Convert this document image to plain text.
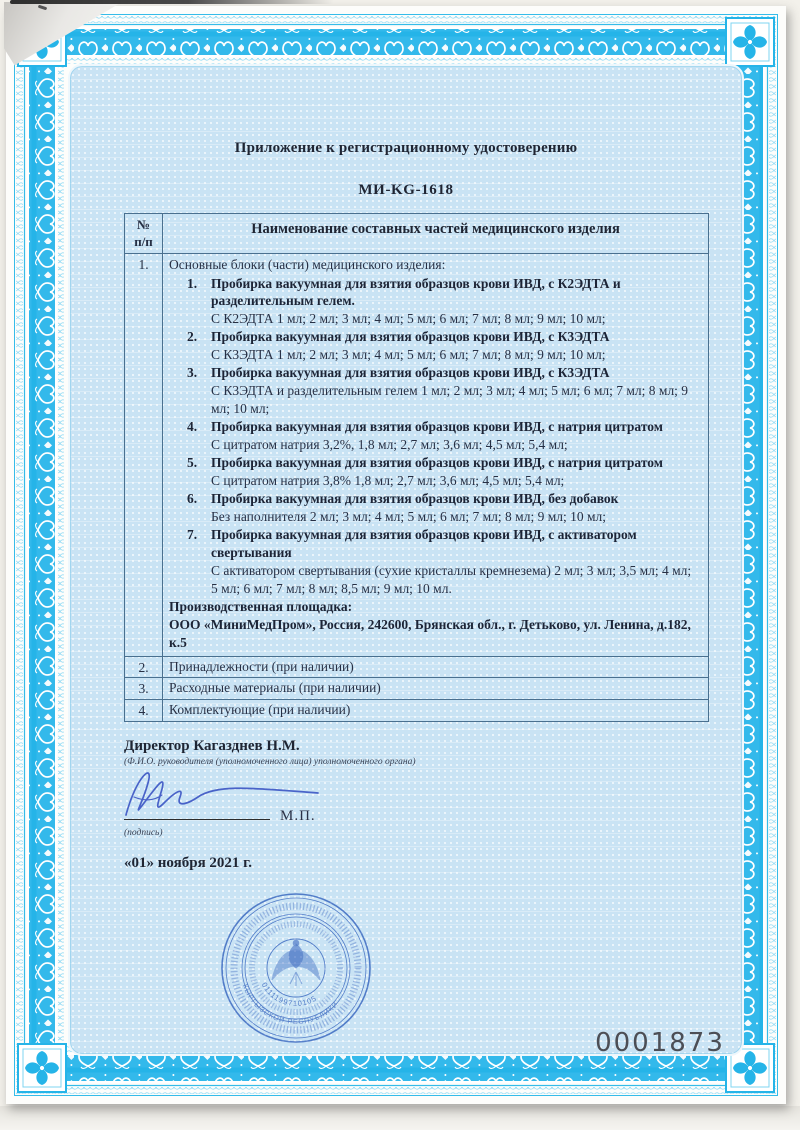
Приложение к регистрационному удостоверению
МИ-KG-1618
№
п/п	Наименование составных частей медицинского изделия
1.	Основные блоки (части) медицинского изделия:
1.	Пробирка вакуумная для взятия образцов крови ИВД, с К2ЭДТА и разделительным гелем.
С К2ЭДТА 1 мл; 2 мл; 3 мл; 4 мл; 5 мл; 6 мл; 7 мл; 8 мл; 9 мл; 10 мл;
2.	Пробирка вакуумная для взятия образцов крови ИВД, с К3ЭДТА
С К3ЭДТА 1 мл; 2 мл; 3 мл; 4 мл; 5 мл; 6 мл; 7 мл; 8 мл; 9 мл; 10 мл;
3.	Пробирка вакуумная для взятия образцов крови ИВД, с К3ЭДТА
С К3ЭДТА и разделительным гелем 1 мл; 2 мл; 3 мл; 4 мл; 5 мл; 6 мл; 7 мл; 8 мл; 9 мл; 10 мл;
4.	Пробирка вакуумная для взятия образцов крови ИВД, с натрия цитратом
С цитратом натрия 3,2%, 1,8 мл; 2,7 мл; 3,6 мл; 4,5 мл; 5,4 мл;
5.	Пробирка вакуумная для взятия образцов крови ИВД, с натрия цитратом
С цитратом натрия 3,8% 1,8 мл; 2,7 мл; 3,6 мл; 4,5 мл; 5,4 мл;
6.	Пробирка вакуумная для взятия образцов крови ИВД, без добавок
Без наполнителя 2 мл; 3 мл; 4 мл; 5 мл; 6 мл; 7 мл; 8 мл; 9 мл; 10 мл;
7.	Пробирка вакуумная для взятия образцов крови ИВД, с активатором свертывания
С активатором свертывания (сухие кристаллы кремнезема) 2 мл; 3 мл; 3,5 мл; 4 мл; 5 мл; 6 мл; 7 мл; 8 мл; 8,5 мл; 9 мл; 10 мл.
Производственная площадка:
ООО «МиниМедПром», Россия, 242600, Брянская обл., г. Детьково, ул. Ленина, д.182, к.5

2.	Принадлежности (при наличии)
3.	Расходные материалы (при наличии)
4.	Комплектующие (при наличии)
Директор Кагазднев Н.М.
(Ф.И.О. руководителя (уполномоченного лица) уполномоченного органа)
М.П.
(подпись)
«01» ноября 2021 г.
КЫРГЫЗСКОЙ РЕСПУБЛИКИ
0111199710105
0001873
